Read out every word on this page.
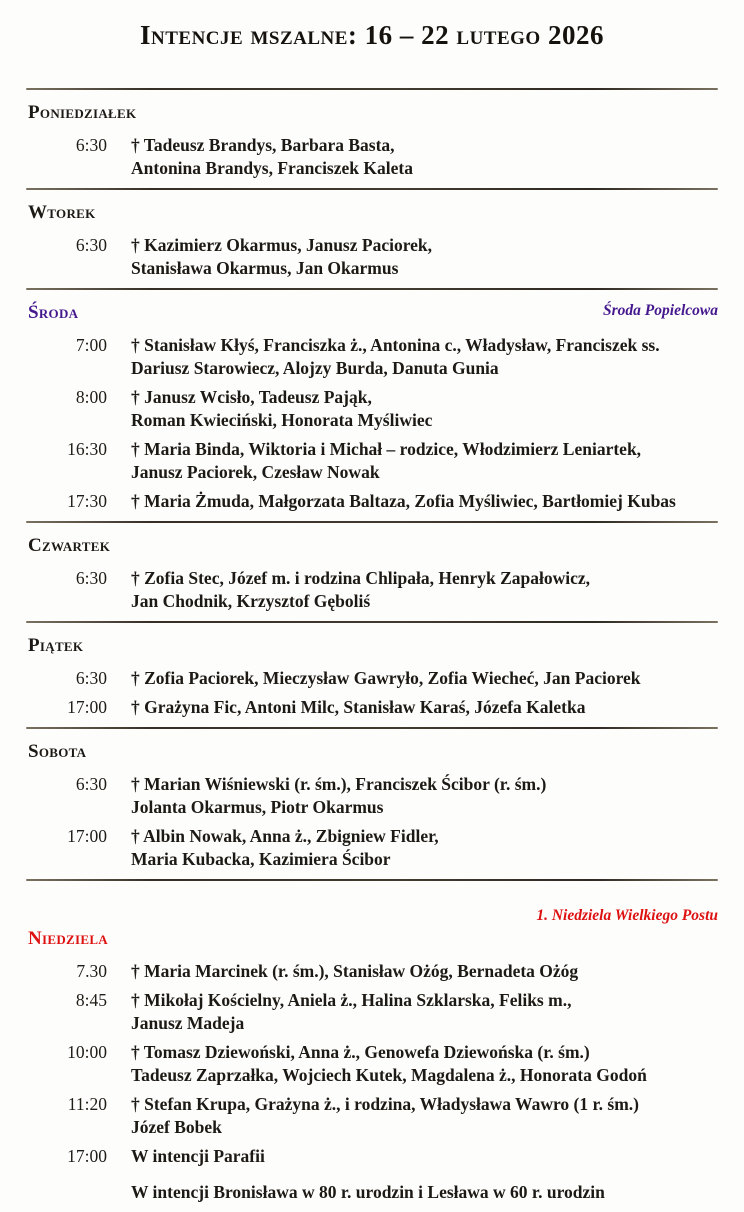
Intencje mszalne: 16 – 22 lutego 2026
Poniedziałek
6:30	† Tadeusz Brandys, Barbara Basta,
Antonina Brandys, Franciszek Kaleta
Wtorek
6:30	† Kazimierz Okarmus, Janusz Paciorek,
Stanisława Okarmus, Jan Okarmus
Środa	Środa Popielcowa
7:00	† Stanisław Kłyś, Franciszka ż., Antonina c., Władysław, Franciszek ss.
Dariusz Starowiecz, Alojzy Burda, Danuta Gunia
8:00	† Janusz Wcisło, Tadeusz Pająk,
Roman Kwieciński, Honorata Myśliwiec
16:30	† Maria Binda, Wiktoria i Michał – rodzice, Włodzimierz Leniartek,
Janusz Paciorek, Czesław Nowak
17:30	† Maria Żmuda, Małgorzata Baltaza, Zofia Myśliwiec, Bartłomiej Kubas
Czwartek
6:30	† Zofia Stec, Józef m. i rodzina Chlipała, Henryk Zapałowicz,
Jan Chodnik, Krzysztof Gęboliś
Piątek
6:30	† Zofia Paciorek, Mieczysław Gawryło, Zofia Wiecheć, Jan Paciorek
17:00	† Grażyna Fic, Antoni Milc, Stanisław Karaś, Józefa Kaletka
Sobota
6:30	† Marian Wiśniewski (r. śm.), Franciszek Ścibor (r. śm.)
Jolanta Okarmus, Piotr Okarmus
17:00	† Albin Nowak, Anna ż., Zbigniew Fidler,
Maria Kubacka, Kazimiera Ścibor
1. Niedziela Wielkiego Postu
Niedziela
7.30	† Maria Marcinek (r. śm.), Stanisław Ożóg, Bernadeta Ożóg
8:45	† Mikołaj Kościelny, Aniela ż., Halina Szklarska, Feliks m.,
Janusz Madeja
10:00	† Tomasz Dziewoński, Anna ż., Genowefa Dziewońska (r. śm.)
Tadeusz Zaprzałka, Wojciech Kutek, Magdalena ż., Honorata Godoń
11:20	† Stefan Krupa, Grażyna ż., i rodzina, Władysława Wawro (1 r. śm.)
Józef Bobek
17:00	W intencji Parafii
W intencji Bronisława w 80 r. urodzin i Lesława w 60 r. urodzin
